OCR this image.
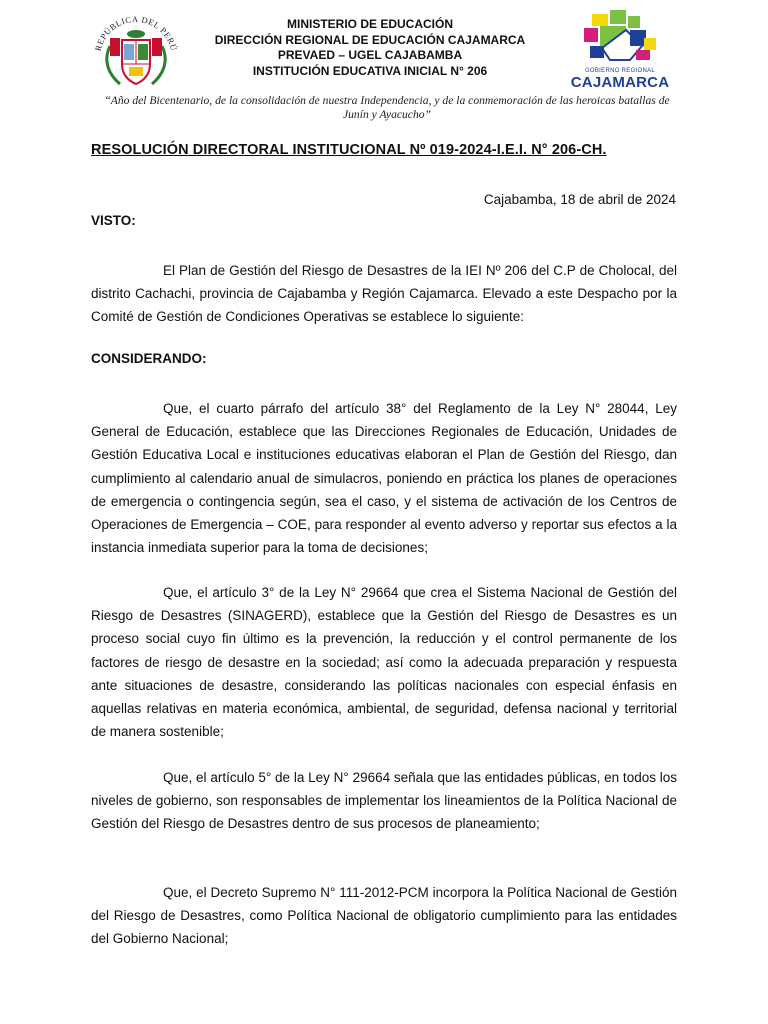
REPÚBLICA DEL PERÚ
MINISTERIO DE EDUCACIÓN
DIRECCIÓN REGIONAL DE EDUCACIÓN CAJAMARCA
PREVAED – UGEL CAJABAMBA
INSTITUCIÓN EDUCATIVA INICIAL N° 206	GOBIERNO REGIONAL
CAJAMARCA
“Año del Bicentenario, de la consolidación de nuestra Independencia, y de la conmemoración de las heroicas batallas de Junín y Ayacucho”
RESOLUCIÓN DIRECTORAL INSTITUCIONAL Nº 019-2024-I.E.I. N° 206-CH.
Cajabamba, 18 de abril de 2024
VISTO:
El Plan de Gestión del Riesgo de Desastres de la IEI Nº 206 del C.P de Cholocal, del distrito Cachachi, provincia de Cajabamba y Región Cajamarca. Elevado a este Despacho por la Comité de Gestión de Condiciones Operativas se establece lo siguiente:
CONSIDERANDO:
Que, el cuarto párrafo del artículo 38° del Reglamento de la Ley N° 28044, Ley General de Educación, establece que las Direcciones Regionales de Educación, Unidades de Gestión Educativa Local e instituciones educativas elaboran el Plan de Gestión del Riesgo, dan cumplimiento al calendario anual de simulacros, poniendo en práctica los planes de operaciones de emergencia o contingencia según, sea el caso, y el sistema de activación de los Centros de Operaciones de Emergencia – COE, para responder al evento adverso y reportar sus efectos a la instancia inmediata superior para la toma de decisiones;
Que, el artículo 3° de la Ley N° 29664 que crea el Sistema Nacional de Gestión del Riesgo de Desastres (SINAGERD), establece que la Gestión del Riesgo de Desastres es un proceso social cuyo fin último es la prevención, la reducción y el control permanente de los factores de riesgo de desastre en la sociedad; así como la adecuada preparación y respuesta ante situaciones de desastre, considerando las políticas nacionales con especial énfasis en aquellas relativas en materia económica, ambiental, de seguridad, defensa nacional y territorial de manera sostenible;
Que, el artículo 5° de la Ley N° 29664 señala que las entidades públicas, en todos los niveles de gobierno, son responsables de implementar los lineamientos de la Política Nacional de Gestión del Riesgo de Desastres dentro de sus procesos de planeamiento;
Que, el Decreto Supremo N° 111-2012-PCM incorpora la Política Nacional de Gestión del Riesgo de Desastres, como Política Nacional de obligatorio cumplimiento para las entidades del Gobierno Nacional;
